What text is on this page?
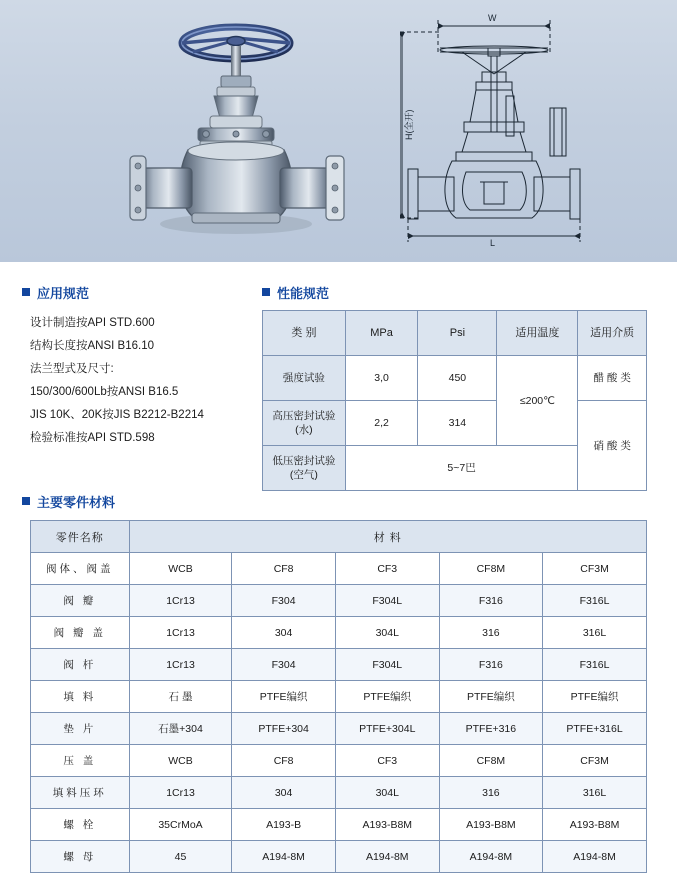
W
L
H(全开)
应用规范	性能规范
主要零件材料
设计制造按API STD.600
结构长度按ANSI B16.10
法兰型式及尺寸:
150/300/600Lb按ANSI B16.5
JIS 10K、20K按JIS B2212-B2214
检验标准按API STD.598
类 别	MPa	Psi	适用温度	适用介质
强度试验	3,0	450	≤200℃	醋 酸 类
高压密封试验
(水)	2,2	314		硝 酸 类
低压密封试验
(空气)	5~7巴			
零件名称	材 料				
阀体、阀盖	WCB	CF8	CF3	CF8M	CF3M
阀 瓣	1Cr13	F304	F304L	F316	F316L
阀 瓣 盖	1Cr13	304	304L	316	316L
阀 杆	1Cr13	F304	F304L	F316	F316L
填 料	石 墨	PTFE编织	PTFE编织	PTFE编织	PTFE编织
垫 片	石墨+304	PTFE+304	PTFE+304L	PTFE+316	PTFE+316L
压 盖	WCB	CF8	CF3	CF8M	CF3M
填料压环	1Cr13	304	304L	316	316L
螺 栓	35CrMoA	A193-B	A193-B8M	A193-B8M	A193-B8M
螺 母	45	A194-8M	A194-8M	A194-8M	A194-8M
